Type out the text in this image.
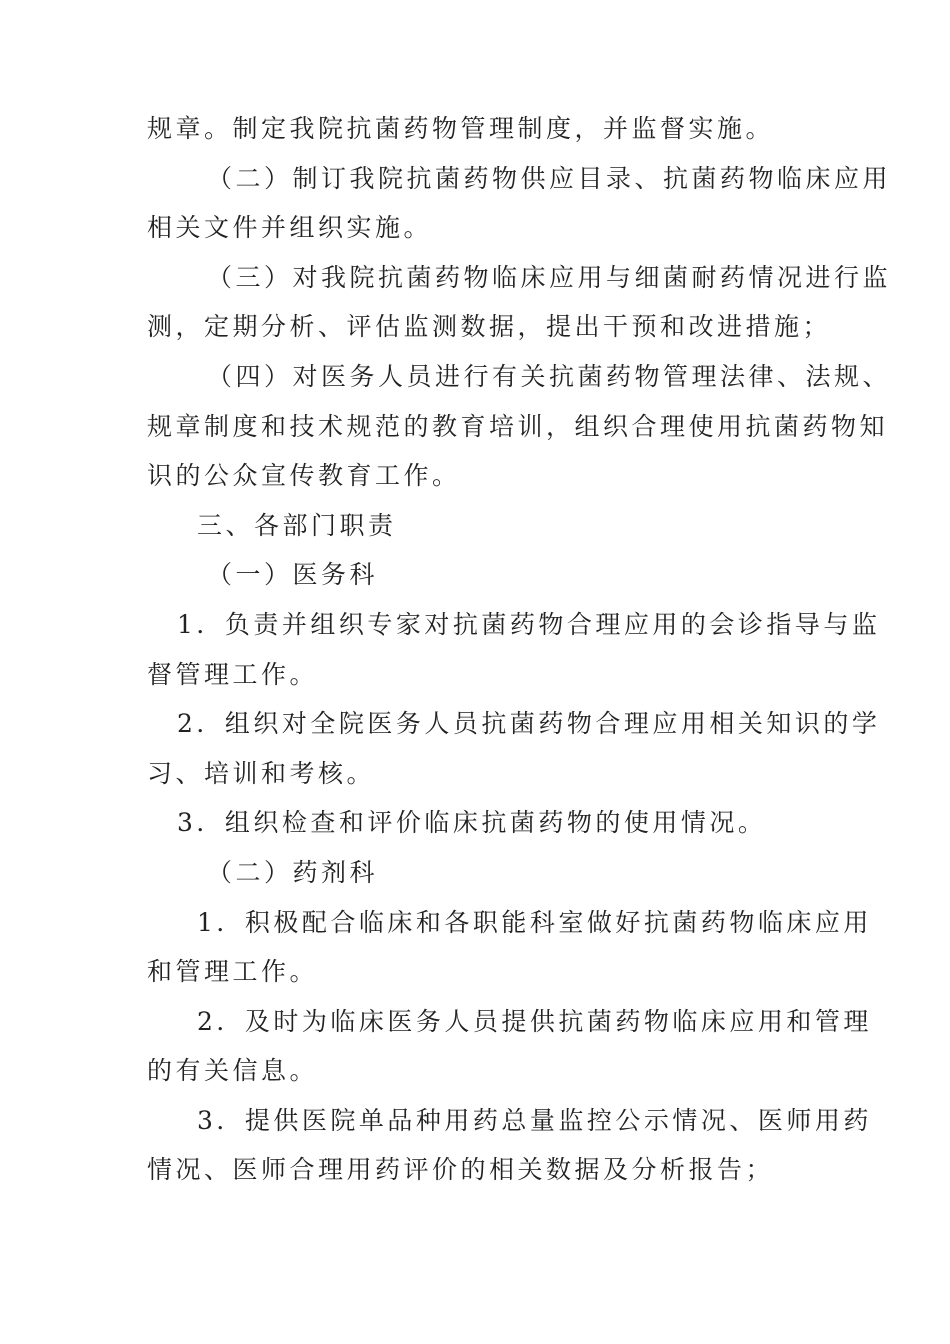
规章。制定我院抗菌药物管理制度，并监督实施。
（二）制订我院抗菌药物供应目录、抗菌药物临床应用
相关文件并组织实施。
（三）对我院抗菌药物临床应用与细菌耐药情况进行监
测，定期分析、评估监测数据，提出干预和改进措施；
（四）对医务人员进行有关抗菌药物管理法律、法规、
规章制度和技术规范的教育培训，组织合理使用抗菌药物知
识的公众宣传教育工作。
三、各部门职责
（一）医务科
1．负责并组织专家对抗菌药物合理应用的会诊指导与监
督管理工作。
2．组织对全院医务人员抗菌药物合理应用相关知识的学
习、培训和考核。
3．组织检查和评价临床抗菌药物的使用情况。
（二）药剂科
1．积极配合临床和各职能科室做好抗菌药物临床应用
和管理工作。
2．及时为临床医务人员提供抗菌药物临床应用和管理
的有关信息。
3．提供医院单品种用药总量监控公示情况、医师用药
情况、医师合理用药评价的相关数据及分析报告；
